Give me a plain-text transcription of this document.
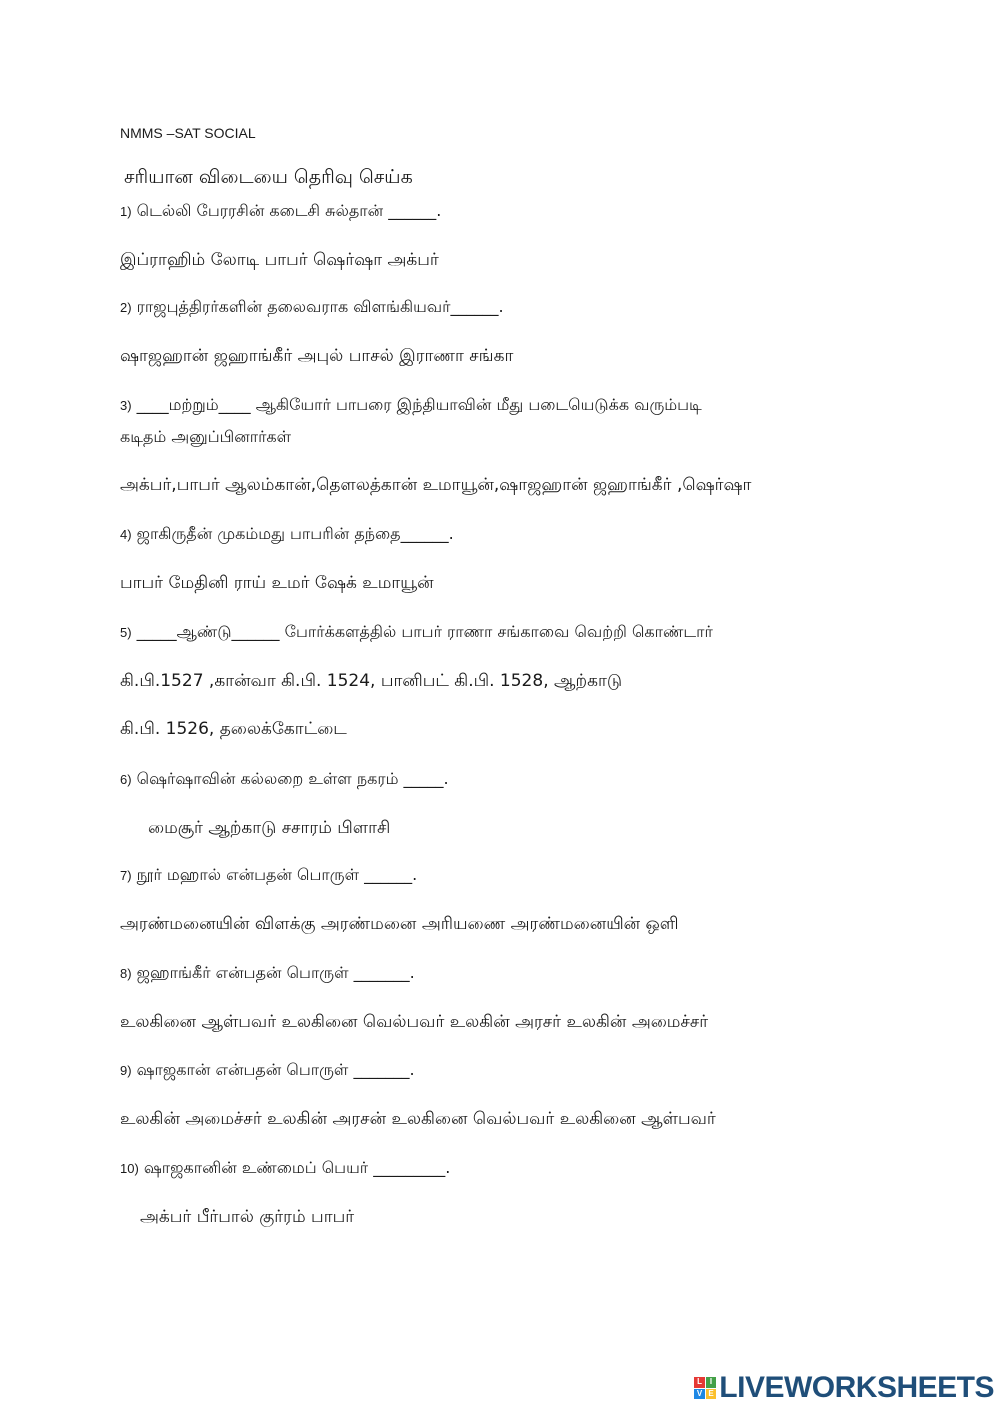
NMMS –SAT SOCIAL
சரியான விடையை தெரிவு செய்க
1) டெல்லி பேரரசின் கடைசி சுல்தான் ______.
இப்ராஹிம் லோடி பாபர் ஷெர்ஷா அக்பர்
2) ராஜபுத்திரர்களின் தலைவராக விளங்கியவர்______.
ஷாஜஹான் ஜஹாங்கீர் அபுல் பாசல் இராணா சங்கா
3) ____மற்றும்____ ஆகியோர் பாபரை இந்தியாவின் மீது படையெடுக்க வரும்படி
கடிதம் அனுப்பினார்கள்
அக்பர்,பாபர் ஆலம்கான்,தௌலத்கான் உமாயூன்,ஷாஜஹான் ஜஹாங்கீர் ,ஷெர்ஷா
4) ஜாகிருதீன் முகம்மது பாபரின் தந்தை______.
பாபர் மேதினி ராய் உமர் ஷேக் உமாயூன்
5) _____ஆண்டு______ போர்க்களத்தில் பாபர் ராணா சங்காவை வெற்றி கொண்டார்
கி.பி.1527 ,கான்வா கி.பி. 1524, பானிபட் கி.பி. 1528, ஆற்காடு
கி.பி. 1526, தலைக்கோட்டை
6) ஷெர்ஷாவின் கல்லறை உள்ள நகரம் _____.
மைசூர் ஆற்காடு சசாரம் பிளாசி
7) நூர் மஹால் என்பதன் பொருள் ______.
அரண்மனையின் விளக்கு அரண்மனை அரியணை அரண்மனையின் ஒளி
8) ஜஹாங்கீர் என்பதன் பொருள் _______.
உலகினை ஆள்பவர் உலகினை வெல்பவர் உலகின் அரசர் உலகின் அமைச்சர்
9) ஷாஜகான் என்பதன் பொருள் _______.
உலகின் அமைச்சர் உலகின் அரசன் உலகினை வெல்பவர் உலகினை ஆள்பவர்
10) ஷாஜகானின் உண்மைப் பெயர் _________.
அக்பர் பீர்பால் குர்ரம் பாபர்
L I
V E LIVEWORKSHEETS
